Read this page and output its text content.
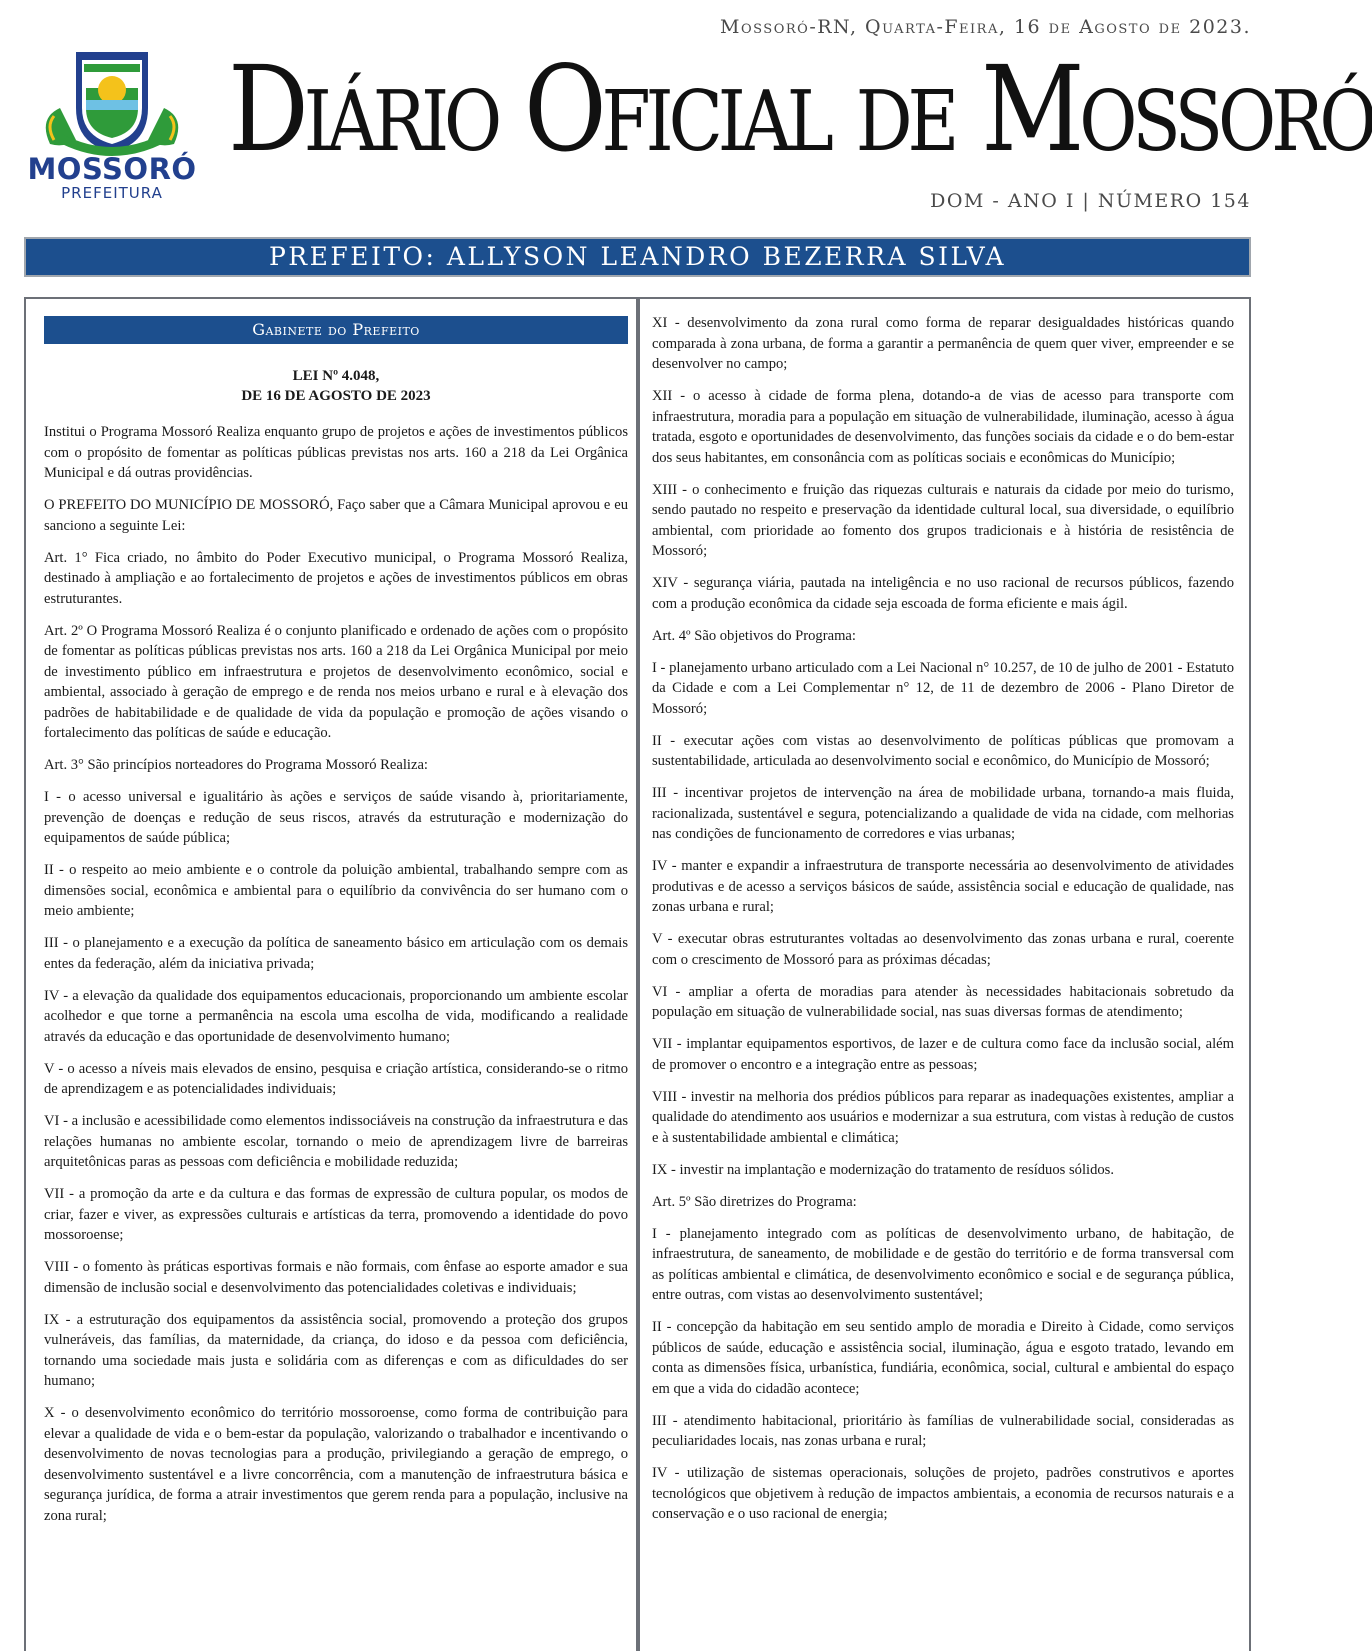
Mossoró-RN, Quarta-Feira, 16 de Agosto de 2023.
MOSSORÓ
PREFEITURA
Diário Oficial de Mossoró
DOM - ANO I | NÚMERO 154
PREFEITO: ALLYSON LEANDRO BEZERRA SILVA
Gabinete do Prefeito
LEI Nº 4.048,
DE 16 DE AGOSTO DE 2023

Institui o Programa Mossoró Realiza enquanto grupo de projetos e ações de investimentos públicos com o propósito de fomentar as políticas públicas previstas nos arts. 160 a 218 da Lei Orgânica Municipal e dá outras providências.

O PREFEITO DO MUNICÍPIO DE MOSSORÓ, Faço saber que a Câmara Municipal aprovou e eu sanciono a seguinte Lei:

Art. 1° Fica criado, no âmbito do Poder Executivo municipal, o Programa Mossoró Realiza, destinado à ampliação e ao fortalecimento de projetos e ações de investimentos públicos em obras estruturantes.

Art. 2º O Programa Mossoró Realiza é o conjunto planificado e ordenado de ações com o propósito de fomentar as políticas públicas previstas nos arts. 160 a 218 da Lei Orgânica Municipal por meio de investimento público em infraestrutura e projetos de desenvolvimento econômico, social e ambiental, associado à geração de emprego e de renda nos meios urbano e rural e à elevação dos padrões de habitabilidade e de qualidade de vida da população e promoção de ações visando o fortalecimento das políticas de saúde e educação.

Art. 3° São princípios norteadores do Programa Mossoró Realiza:

I - o acesso universal e igualitário às ações e serviços de saúde visando à, prioritariamente, prevenção de doenças e redução de seus riscos, através da estruturação e modernização do equipamentos de saúde pública;

II - o respeito ao meio ambiente e o controle da poluição ambiental, trabalhando sempre com as dimensões social, econômica e ambiental para o equilíbrio da convivência do ser humano com o meio ambiente;

III - o planejamento e a execução da política de saneamento básico em articulação com os demais entes da federação, além da iniciativa privada;

IV - a elevação da qualidade dos equipamentos educacionais, proporcionando um ambiente escolar acolhedor e que torne a permanência na escola uma escolha de vida, modificando a realidade através da educação e das oportunidade de desenvolvimento humano;

V - o acesso a níveis mais elevados de ensino, pesquisa e criação artística, considerando-se o ritmo de aprendizagem e as potencialidades individuais;

VI - a inclusão e acessibilidade como elementos indissociáveis na construção da infraestrutura e das relações humanas no ambiente escolar, tornando o meio de aprendizagem livre de barreiras arquitetônicas paras as pessoas com deficiência e mobilidade reduzida;

VII - a promoção da arte e da cultura e das formas de expressão de cultura popular, os modos de criar, fazer e viver, as expressões culturais e artísticas da terra, promovendo a identidade do povo mossoroense;

VIII - o fomento às práticas esportivas formais e não formais, com ênfase ao esporte amador e sua dimensão de inclusão social e desenvolvimento das potencialidades coletivas e individuais;

IX - a estruturação dos equipamentos da assistência social, promovendo a proteção dos grupos vulneráveis, das famílias, da maternidade, da criança, do idoso e da pessoa com deficiência, tornando uma sociedade mais justa e solidária com as diferenças e com as dificuldades do ser humano;

X - o desenvolvimento econômico do território mossoroense, como forma de contribuição para elevar a qualidade de vida e o bem-estar da população, valorizando o trabalhador e incentivando o desenvolvimento de novas tecnologias para a produção, privilegiando a geração de emprego, o desenvolvimento sustentável e a livre concorrência, com a manutenção de infraestrutura básica e segurança jurídica, de forma a atrair investimentos que gerem renda para a população, inclusive na zona rural;

XI - desenvolvimento da zona rural como forma de reparar desigualdades históricas quando comparada à zona urbana, de forma a garantir a permanência de quem quer viver, empreender e se desenvolver no campo;

XII - o acesso à cidade de forma plena, dotando-a de vias de acesso para transporte com infraestrutura, moradia para a população em situação de vulnerabilidade, iluminação, acesso à água tratada, esgoto e oportunidades de desenvolvimento, das funções sociais da cidade e o do bem-estar dos seus habitantes, em consonância com as políticas sociais e econômicas do Município;

XIII - o conhecimento e fruição das riquezas culturais e naturais da cidade por meio do turismo, sendo pautado no respeito e preservação da identidade cultural local, sua diversidade, o equilíbrio ambiental, com prioridade ao fomento dos grupos tradicionais e à história de resistência de Mossoró;

XIV - segurança viária, pautada na inteligência e no uso racional de recursos públicos, fazendo com a produção econômica da cidade seja escoada de forma eficiente e mais ágil.

Art. 4º São objetivos do Programa:

I - planejamento urbano articulado com a Lei Nacional n° 10.257, de 10 de julho de 2001 - Estatuto da Cidade e com a Lei Complementar n° 12, de 11 de dezembro de 2006 - Plano Diretor de Mossoró;

II - executar ações com vistas ao desenvolvimento de políticas públicas que promovam a sustentabilidade, articulada ao desenvolvimento social e econômico, do Município de Mossoró;

III - incentivar projetos de intervenção na área de mobilidade urbana, tornando-a mais fluida, racionalizada, sustentável e segura, potencializando a qualidade de vida na cidade, com melhorias nas condições de funcionamento de corredores e vias urbanas;

IV - manter e expandir a infraestrutura de transporte necessária ao desenvolvimento de atividades produtivas e de acesso a serviços básicos de saúde, assistência social e educação de qualidade, nas zonas urbana e rural;

V - executar obras estruturantes voltadas ao desenvolvimento das zonas urbana e rural, coerente com o crescimento de Mossoró para as próximas décadas;

VI - ampliar a oferta de moradias para atender às necessidades habitacionais sobretudo da população em situação de vulnerabilidade social, nas suas diversas formas de atendimento;

VII - implantar equipamentos esportivos, de lazer e de cultura como face da inclusão social, além de promover o encontro e a integração entre as pessoas;

VIII - investir na melhoria dos prédios públicos para reparar as inadequações existentes, ampliar a qualidade do atendimento aos usuários e modernizar a sua estrutura, com vistas à redução de custos e à sustentabilidade ambiental e climática;

IX - investir na implantação e modernização do tratamento de resíduos sólidos.

Art. 5º São diretrizes do Programa:

I - planejamento integrado com as políticas de desenvolvimento urbano, de habitação, de infraestrutura, de saneamento, de mobilidade e de gestão do território e de forma transversal com as políticas ambiental e climática, de desenvolvimento econômico e social e de segurança pública, entre outras, com vistas ao desenvolvimento sustentável;

II - concepção da habitação em seu sentido amplo de moradia e Direito à Cidade, como serviços públicos de saúde, educação e assistência social, iluminação, água e esgoto tratado, levando em conta as dimensões física, urbanística, fundiária, econômica, social, cultural e ambiental do espaço em que a vida do cidadão acontece;

III - atendimento habitacional, prioritário às famílias de vulnerabilidade social, consideradas as peculiaridades locais, nas zonas urbana e rural;

IV - utilização de sistemas operacionais, soluções de projeto, padrões construtivos e aportes tecnológicos que objetivem à redução de impactos ambientais, a economia de recursos naturais e a conservação e o uso racional de energia;
